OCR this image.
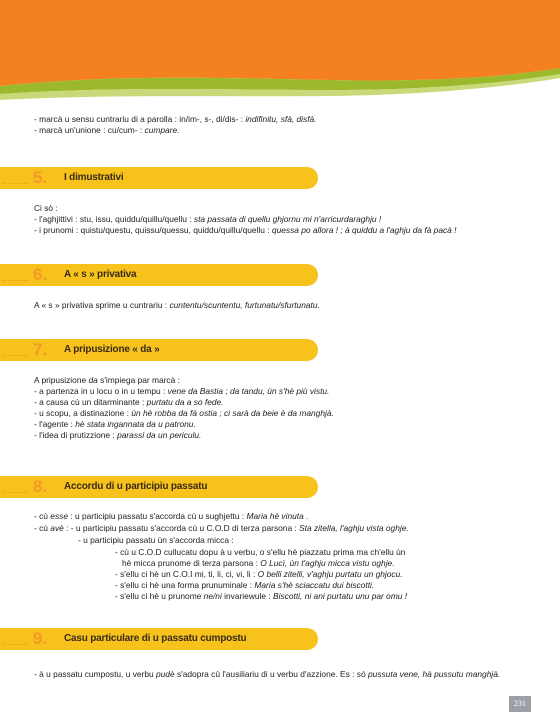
- marcà u sensu cuntrariu di a parolla : in/im-, s-, di/dis- : indifinitu, sfà, disfà.
- marcà un'unione : cu/cum- : cumpare.
.......... 5. I dimustrativi
Ci sò :
- l'aghjittivi : stu, issu, quiddu/quillu/quellu : sta passata di quellu ghjornu mi n'arricurdaraghju !
- i prunomi : quistu/questu, quissu/quessu, quiddu/quillu/quellu : quessa po allora ! ; à quiddu a l'aghju da fà pacà !
.......... 6. A « s » privativa
A « s » privativa sprime u cuntrariu : cuntentu/scuntentu, furtunatu/sfurtunatu.
.......... 7. A pripusizione « da »
A pripusizione da s'impiega par marcà :
- a partenza in u locu o in u tempu : vene da Bastia ; da tandu, ùn s'hè più vistu.
- a causa cù un ditarminante : purtatu da a so fede.
- u scopu, a distinazione : ùn hè robba da fà ostia ; ci sarà da beie è da manghjà.
- l'agente : hè stata ingannata da u patronu.
- l'idea di prutizzione : parassi da un periculu.
.......... 8. Accordu di u participiu passatu
- cù esse : u participiu passatu s'accorda cù u sughjettu : Maria hè vinuta .
- cù avè : - u participiu passatu s'accorda cù u C.O.D di terza parsona : Sta zitella, l'aghju vista oghje.
- u participiu passatu ùn s'accorda micca :
- cù u C.O.D cullucatu dopu à u verbu, o s'ellu hè piazzatu prima ma ch'ellu ùn
hè micca prunome di terza parsona : O Lucì, ùn t'aghju micca vistu oghje.
- s'ellu ci hè un C.O.I mi, ti, li, ci, vi, li : O belli zitelli, v'aghju purtatu un ghjocu.
- s'ellu ci hè una forma prunuminale : Maria s'hè sciaccatu dui biscotti.
- s'ellu ci hè u prunome ne/ni invariewule : Biscotti, ni ani purtatu unu par omu !
.......... 9. Casu particulare di u passatu cumpostu
- à u passatu cumpostu, u verbu pudè s'adopra cù l'ausiliariu di u verbu d'azzione. Es : sò pussuta vene, hà pussutu manghjà.
231
